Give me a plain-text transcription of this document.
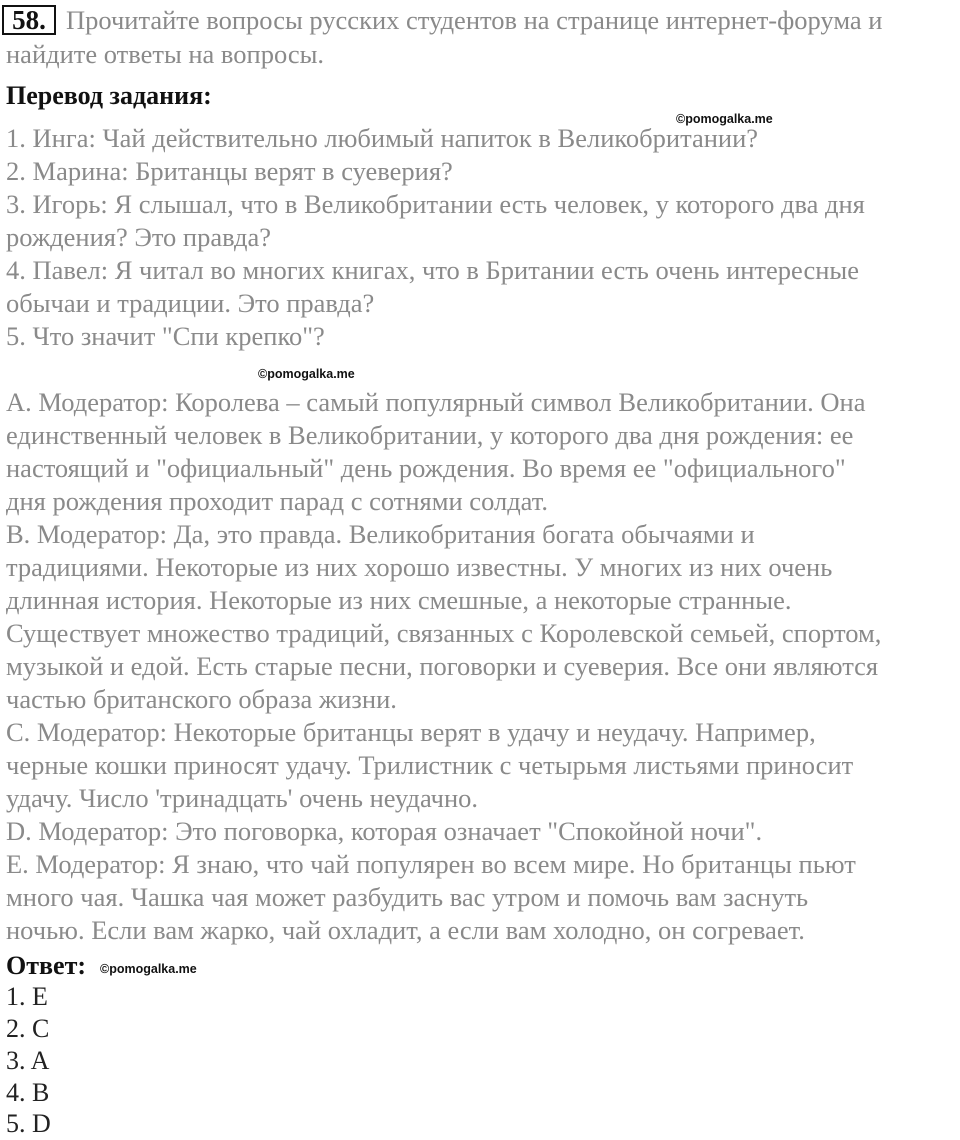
58. Прочитайте вопросы русских студентов на странице интернет-форума и
найдите ответы на вопросы.
Перевод задания:
©pomogalka.me
1. Инга: Чай действительно любимый напиток в Великобритании?
2. Марина: Британцы верят в суеверия?
3. Игорь: Я слышал, что в Великобритании есть человек, у которого два дня
рождения? Это правда?
4. Павел: Я читал во многих книгах, что в Британии есть очень интересные
обычаи и традиции. Это правда?
5. Что значит "Спи крепко"?
©pomogalka.me
A. Модератор: Королева – самый популярный символ Великобритании. Она
единственный человек в Великобритании, у которого два дня рождения: ее
настоящий и "официальный" день рождения. Во время ее "официального"
дня рождения проходит парад с сотнями солдат.
B. Модератор: Да, это правда. Великобритания богата обычаями и
традициями. Некоторые из них хорошо известны. У многих из них очень
длинная история. Некоторые из них смешные, а некоторые странные.
Существует множество традиций, связанных с Королевской семьей, спортом,
музыкой и едой. Есть старые песни, поговорки и суеверия. Все они являются
частью британского образа жизни.
C. Модератор: Некоторые британцы верят в удачу и неудачу. Например,
черные кошки приносят удачу. Трилистник с четырьмя листьями приносит
удачу. Число 'тринадцать' очень неудачно.
D. Модератор: Это поговорка, которая означает "Спокойной ночи".
E. Модератор: Я знаю, что чай популярен во всем мире. Но британцы пьют
много чая. Чашка чая может разбудить вас утром и помочь вам заснуть
ночью. Если вам жарко, чай охладит, а если вам холодно, он согревает.
Ответ: ©pomogalka.me
1. E
2. C
3. A
4. B
5. D
